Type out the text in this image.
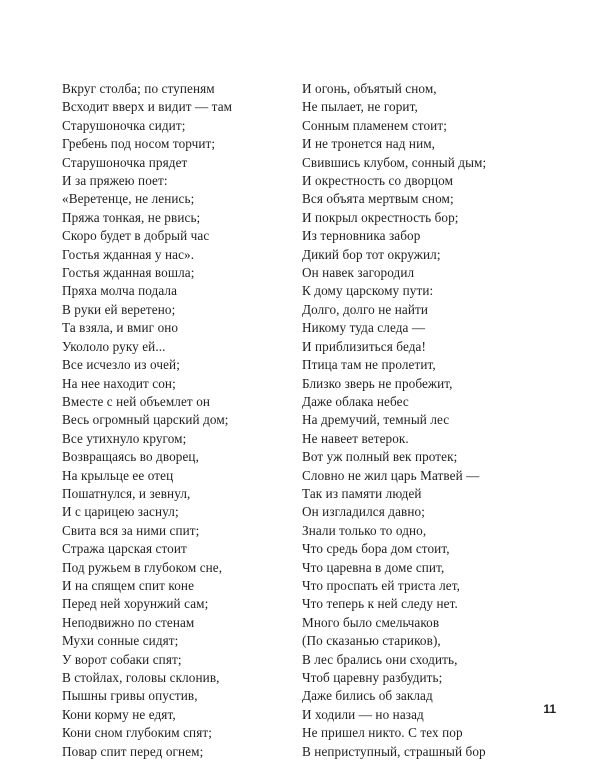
Вкруг столба; по ступеням
Всходит вверх и видит — там
Старушоночка сидит;
Гребень под носом торчит;
Старушоночка прядет
И за пряжею поет:
«Веретенце, не ленись;
Пряжа тонкая, не рвись;
Скоро будет в добрый час
Гостья жданная у нас».
Гостья жданная вошла;
Пряха молча подала
В руки ей веретено;
Та взяла, и вмиг оно
Укололо руку ей...
Все исчезло из очей;
На нее находит сон;
Вместе с ней объемлет он
Весь огромный царский дом;
Все утихнуло кругом;
Возвращаясь во дворец,
На крыльце ее отец
Пошатнулся, и зевнул,
И с царицею заснул;
Свита вся за ними спит;
Стража царская стоит
Под ружьем в глубоком сне,
И на спящем спит коне
Перед ней хорунжий сам;
Неподвижно по стенам
Мухи сонные сидят;
У ворот собаки спят;
В стойлах, головы склонив,
Пышны гривы опустив,
Кони корму не едят,
Кони сном глубоким спят;
Повар спит перед огнем;
И огонь, объятый сном,
Не пылает, не горит,
Сонным пламенем стоит;
И не тронется над ним,
Свившись клубом, сонный дым;
И окрестность со дворцом
Вся объята мертвым сном;
И покрыл окрестность бор;
Из терновника забор
Дикий бор тот окружил;
Он навек загородил
К дому царскому пути:
Долго, долго не найти
Никому туда следа —
И приблизиться беда!
Птица там не пролетит,
Близко зверь не пробежит,
Даже облака небес
На дремучий, темный лес
Не навеет ветерок.
Вот уж полный век протек;
Словно не жил царь Матвей —
Так из памяти людей
Он изгладился давно;
Знали только то одно,
Что средь бора дом стоит,
Что царевна в доме спит,
Что проспать ей триста лет,
Что теперь к ней следу нет.
Много было смельчаков
(По сказанью стариков),
В лес брались они сходить,
Чтоб царевну разбудить;
Даже бились об заклад
И ходили — но назад
Не пришел никто. С тех пор
В неприступный, страшный бор
11
